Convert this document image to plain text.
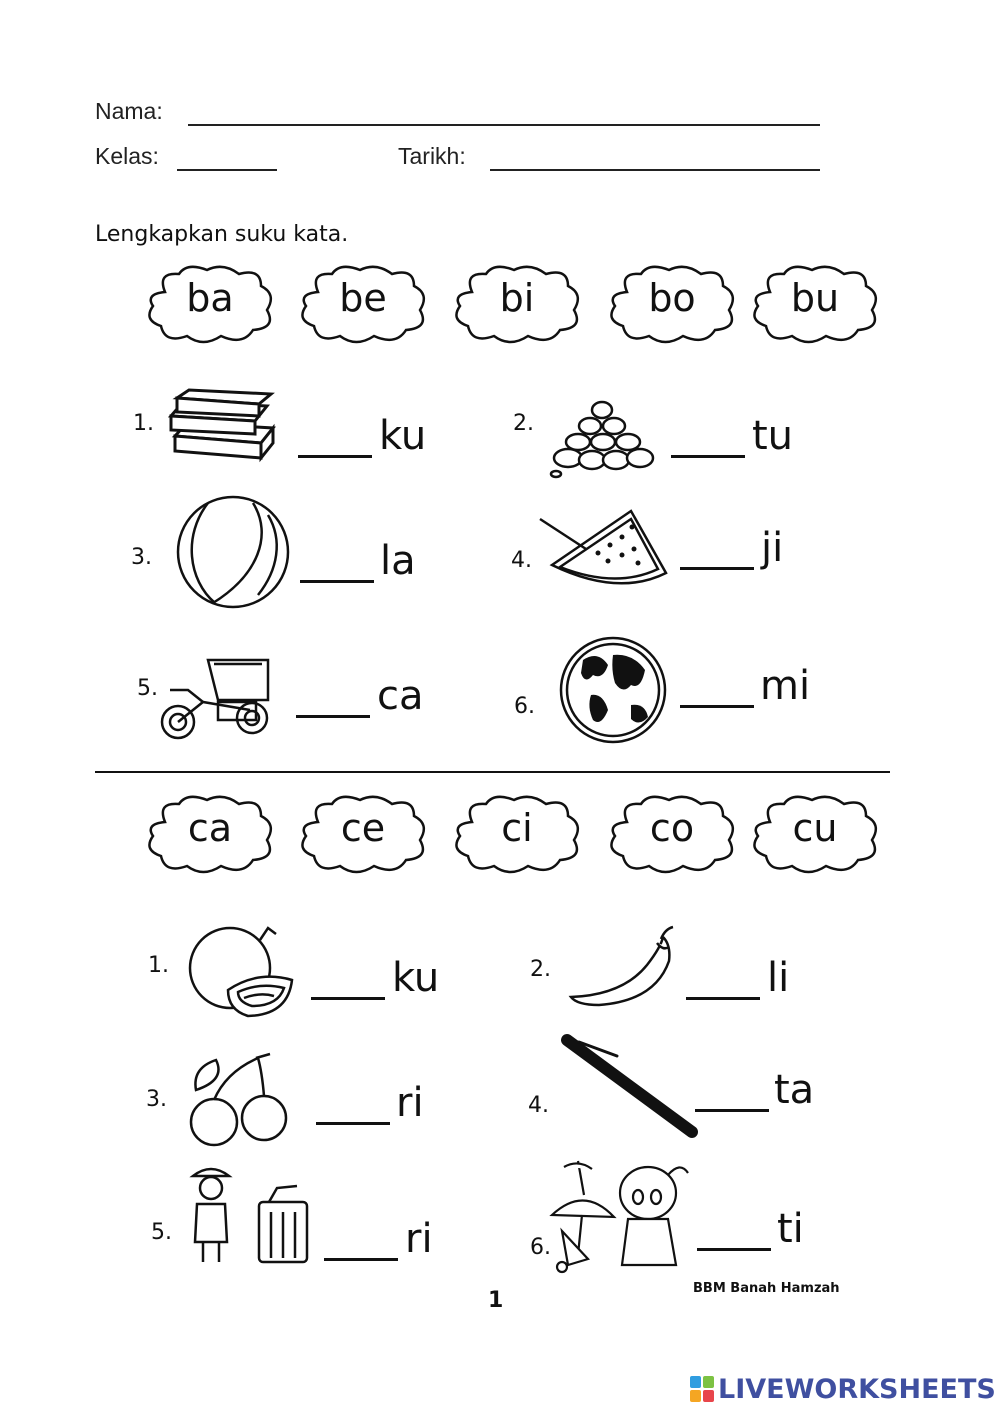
Nama:
Kelas:	Tarikh:
Lengkapkan suku kata.
ba	be	bi	bo	bu
1.	ku	2.	tu
3.	la	4.	ji
5.	ca	6.	mi
ca	ce	ci	co	cu
1.	ku	2.	li
3.	ri	4.	ta
5.	ri	6.	ti
1	BBM Banah Hamzah
LIVEWORKSHEETS
